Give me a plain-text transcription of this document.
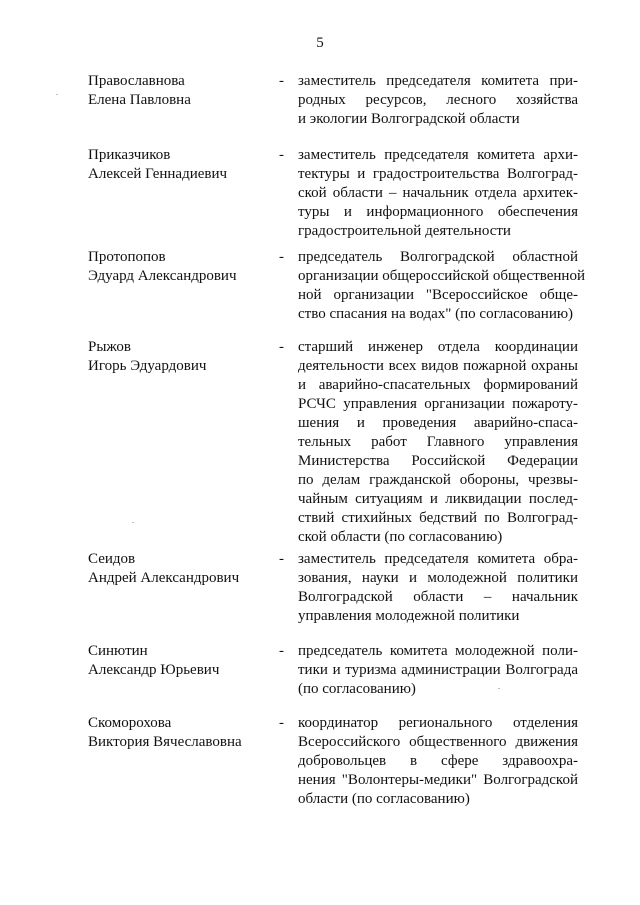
5
Православнова
Елена Павловна
- заместитель председателя комитета при-
родных ресурсов, лесного хозяйства
и экологии Волгоградской области
Приказчиков
Алексей Геннадиевич
- заместитель председателя комитета архи-
тектуры и градостроительства Волгоград-
ской области – начальник отдела архитек-
туры и информационного обеспечения
градостроительной деятельности
Протопопов
Эдуард Александрович
- председатель Волгоградской областной
организации общероссийской общественной
ной организации "Всероссийское обще-
ство спасания на водах" (по согласованию)
Рыжов
Игорь Эдуардович
- старший инженер отдела координации
деятельности всех видов пожарной охраны
и аварийно-спасательных формирований
РСЧС управления организации пожароту-
шения и проведения аварийно-спаса-
тельных работ Главного управления
Министерства Российской Федерации
по делам гражданской обороны, чрезвы-
чайным ситуациям и ликвидации послед-
ствий стихийных бедствий по Волгоград-
ской области (по согласованию)
Сеидов
Андрей Александрович
- заместитель председателя комитета обра-
зования, науки и молодежной политики
Волгоградской области – начальник
управления молодежной политики
Синютин
Александр Юрьевич
- председатель комитета молодежной поли-
тики и туризма администрации Волгограда
(по согласованию)
Скоморохова
Виктория Вячеславовна
- координатор регионального отделения
Всероссийского общественного движения
добровольцев в сфере здравоохра-
нения "Волонтеры-медики" Волгоградской
области (по согласованию)
